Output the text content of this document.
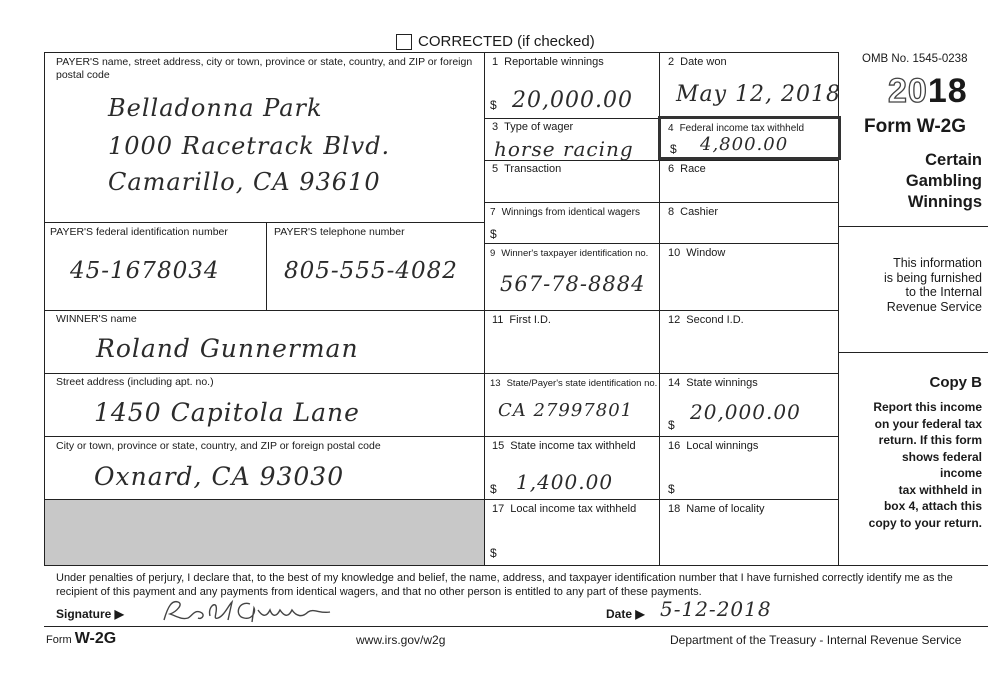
CORRECTED (if checked)
PAYER'S name, street address, city or town, province or state, country, and ZIP or foreign postal code
Belladonna Park
1000 Racetrack Blvd.
Camarillo, CA 93610
PAYER'S federal identification number
45-1678034
PAYER'S telephone number
805-555-4082
WINNER'S name
Roland Gunnerman
Street address (including apt. no.)
1450 Capitola Lane
City or town, province or state, country, and ZIP or foreign postal code
Oxnard, CA 93030
1 Reportable winnings
$ 20,000.00
2 Date won
May 12, 2018
3 Type of wager
horse racing
4 Federal income tax withheld
$ 4,800.00
5 Transaction	6 Race
7 Winnings from identical wagers
$
8 Cashier
9 Winner's taxpayer identification no.
567-78-8884
10 Window
11 First I.D.	12 Second I.D.
13 State/Payer's state identification no.
CA 27997801
14 State winnings
$
20,000.00
15 State income tax withheld
$ 1,400.00
16 Local winnings
$
17 Local income tax withheld
$
18 Name of locality
OMB No. 1545-0238
2018
Form W-2G
Certain
Gambling
Winnings
This information
is being furnished
to the Internal
Revenue Service
Copy B
Report this income
on your federal tax
return. If this form
shows federal
income
tax withheld in
box 4, attach this
copy to your return.
Under penalties of perjury, I declare that, to the best of my knowledge and belief, the name, address, and taxpayer identification number that I have furnished correctly identify me as the recipient of this payment and any payments from identical wagers, and that no other person is entitled to any part of these payments.
Signature ▶	Date ▶ 5-12-2018
Form W-2G	www.irs.gov/w2g	Department of the Treasury - Internal Revenue Service
